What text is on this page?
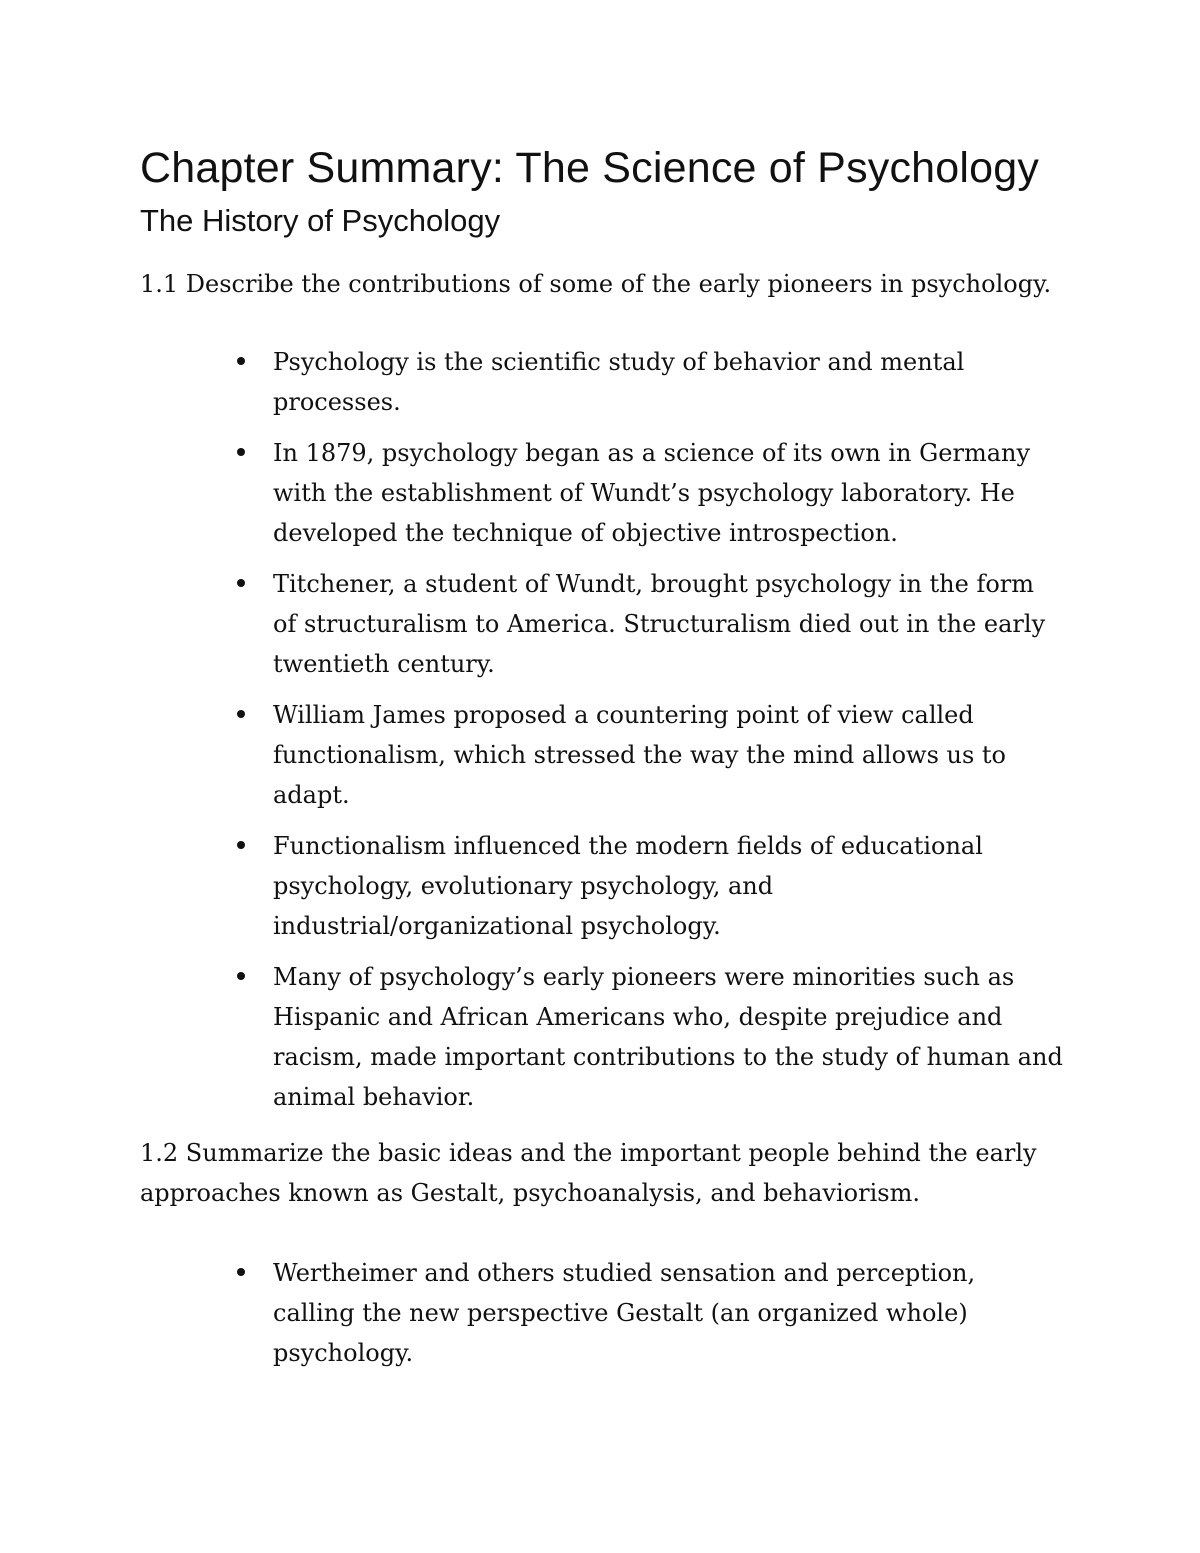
Chapter Summary: The Science of Psychology
The History of Psychology

1.1 Describe the contributions of some of the early pioneers in psychology.

Psychology is the scientific study of behavior and mental processes.
In 1879, psychology began as a science of its own in Germany with the establishment of Wundt’s psychology laboratory. He developed the technique of objective introspection.
Titchener, a student of Wundt, brought psychology in the form of structuralism to America. Structuralism died out in the early twentieth century.
William James proposed a countering point of view called functionalism, which stressed the way the mind allows us to adapt.
Functionalism influenced the modern fields of educational psychology, evolutionary psychology, and industrial/organizational psychology.
Many of psychology’s early pioneers were minorities such as Hispanic and African Americans who, despite prejudice and racism, made important contributions to the study of human and animal behavior.

1.2 Summarize the basic ideas and the important people behind the early approaches known as Gestalt, psychoanalysis, and behaviorism.

Wertheimer and others studied sensation and perception, calling the new perspective Gestalt (an organized whole) psychology.
